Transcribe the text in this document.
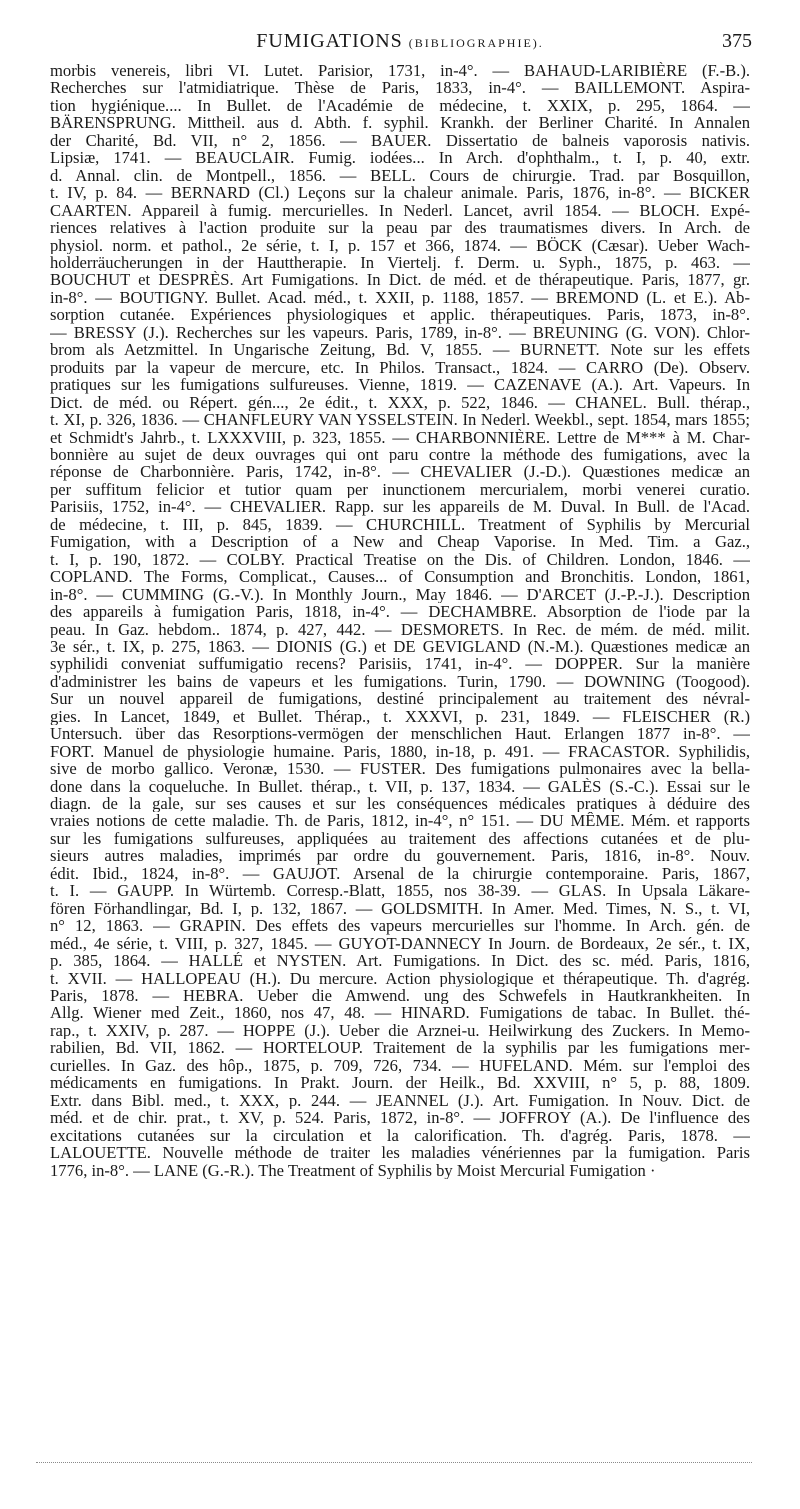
FUMIGATIONS (BIBLIOGRAPHIE).	375
morbis venereis, libri VI. Lutet. Parisior, 1731, in-4°. — BAHAUD-LARIBIÈRE (F.-B.).
Recherches sur l'atmidiatrique. Thèse de Paris, 1833, in-4°. — BAILLEMONT. Aspira-
tion hygiénique.... In Bullet. de l'Académie de médecine, t. XXIX, p. 295, 1864. —
BÄRENSPRUNG. Mittheil. aus d. Abth. f. syphil. Krankh. der Berliner Charité. In Annalen
der Charité, Bd. VII, n° 2, 1856. — BAUER. Dissertatio de balneis vaporosis nativis.
Lipsiæ, 1741. — BEAUCLAIR. Fumig. iodées... In Arch. d'ophthalm., t. I, p. 40, extr.
d. Annal. clin. de Montpell., 1856. — BELL. Cours de chirurgie. Trad. par Bosquillon,
t. IV, p. 84. — BERNARD (Cl.) Leçons sur la chaleur animale. Paris, 1876, in-8°. — BICKER
CAARTEN. Appareil à fumig. mercurielles. In Nederl. Lancet, avril 1854. — BLOCH. Expé-
riences relatives à l'action produite sur la peau par des traumatismes divers. In Arch. de
physiol. norm. et pathol., 2e série, t. I, p. 157 et 366, 1874. — BÖCK (Cæsar). Ueber Wach-
holderräucherungen in der Hauttherapie. In Viertelj. f. Derm. u. Syph., 1875, p. 463. —
BOUCHUT et DESPRÈS. Art Fumigations. In Dict. de méd. et de thérapeutique. Paris, 1877, gr.
in-8°. — BOUTIGNY. Bullet. Acad. méd., t. XXII, p. 1188, 1857. — BREMOND (L. et E.). Ab-
sorption cutanée. Expériences physiologiques et applic. thérapeutiques. Paris, 1873, in-8°.
— BRESSY (J.). Recherches sur les vapeurs. Paris, 1789, in-8°. — BREUNING (G. VON). Chlor-
brom als Aetzmittel. In Ungarische Zeitung, Bd. V, 1855. — BURNETT. Note sur les effets
produits par la vapeur de mercure, etc. In Philos. Transact., 1824. — CARRO (De). Observ.
pratiques sur les fumigations sulfureuses. Vienne, 1819. — CAZENAVE (A.). Art. Vapeurs. In
Dict. de méd. ou Répert. gén..., 2e édit., t. XXX, p. 522, 1846. — CHANEL. Bull. thérap.,
t. XI, p. 326, 1836. — CHANFLEURY VAN YSSELSTEIN. In Nederl. Weekbl., sept. 1854, mars 1855;
et Schmidt's Jahrb., t. LXXXVIII, p. 323, 1855. — CHARBONNIÈRE. Lettre de M*** à M. Char-
bonnière au sujet de deux ouvrages qui ont paru contre la méthode des fumigations, avec la
réponse de Charbonnière. Paris, 1742, in-8°. — CHEVALIER (J.-D.). Quæstiones medicæ an
per suffitum felicior et tutior quam per inunctionem mercurialem, morbi venerei curatio.
Parisiis, 1752, in-4°. — CHEVALIER. Rapp. sur les appareils de M. Duval. In Bull. de l'Acad.
de médecine, t. III, p. 845, 1839. — CHURCHILL. Treatment of Syphilis by Mercurial
Fumigation, with a Description of a New and Cheap Vaporise. In Med. Tim. a Gaz.,
t. I, p. 190, 1872. — COLBY. Practical Treatise on the Dis. of Children. London, 1846. —
COPLAND. The Forms, Complicat., Causes... of Consumption and Bronchitis. London, 1861,
in-8°. — CUMMING (G.-V.). In Monthly Journ., May 1846. — D'ARCET (J.-P.-J.). Description
des appareils à fumigation Paris, 1818, in-4°. — DECHAMBRE. Absorption de l'iode par la
peau. In Gaz. hebdom.. 1874, p. 427, 442. — DESMORETS. In Rec. de mém. de méd. milit.
3e sér., t. IX, p. 275, 1863. — DIONIS (G.) et DE GEVIGLAND (N.-M.). Quæstiones medicæ an
syphilidi conveniat suffumigatio recens? Parisiis, 1741, in-4°. — DOPPER. Sur la manière
d'administrer les bains de vapeurs et les fumigations. Turin, 1790. — DOWNING (Toogood).
Sur un nouvel appareil de fumigations, destiné principalement au traitement des névral-
gies. In Lancet, 1849, et Bullet. Thérap., t. XXXVI, p. 231, 1849. — FLEISCHER (R.)
Untersuch. über das Resorptions-vermögen der menschlichen Haut. Erlangen 1877 in-8°. —
FORT. Manuel de physiologie humaine. Paris, 1880, in-18, p. 491. — FRACASTOR. Syphilidis,
sive de morbo gallico. Veronæ, 1530. — FUSTER. Des fumigations pulmonaires avec la bella-
done dans la coqueluche. In Bullet. thérap., t. VII, p. 137, 1834. — GALÈS (S.-C.). Essai sur le
diagn. de la gale, sur ses causes et sur les conséquences médicales pratiques à déduire des
vraies notions de cette maladie. Th. de Paris, 1812, in-4°, n° 151. — DU MÊME. Mém. et rapports
sur les fumigations sulfureuses, appliquées au traitement des affections cutanées et de plu-
sieurs autres maladies, imprimés par ordre du gouvernement. Paris, 1816, in-8°. Nouv.
édit. Ibid., 1824, in-8°. — GAUJOT. Arsenal de la chirurgie contemporaine. Paris, 1867,
t. I. — GAUPP. In Würtemb. Corresp.-Blatt, 1855, nos 38-39. — GLAS. In Upsala Läkare-
fören Förhandlingar, Bd. I, p. 132, 1867. — GOLDSMITH. In Amer. Med. Times, N. S., t. VI,
n° 12, 1863. — GRAPIN. Des effets des vapeurs mercurielles sur l'homme. In Arch. gén. de
méd., 4e série, t. VIII, p. 327, 1845. — GUYOT-DANNECY In Journ. de Bordeaux, 2e sér., t. IX,
p. 385, 1864. — HALLÉ et NYSTEN. Art. Fumigations. In Dict. des sc. méd. Paris, 1816,
t. XVII. — HALLOPEAU (H.). Du mercure. Action physiologique et thérapeutique. Th. d'agrég.
Paris, 1878. — HEBRA. Ueber die Amwend. ung des Schwefels in Hautkrankheiten. In
Allg. Wiener med Zeit., 1860, nos 47, 48. — HINARD. Fumigations de tabac. In Bullet. thé-
rap., t. XXIV, p. 287. — HOPPE (J.). Ueber die Arznei-u. Heilwirkung des Zuckers. In Memo-
rabilien, Bd. VII, 1862. — HORTELOUP. Traitement de la syphilis par les fumigations mer-
curielles. In Gaz. des hôp., 1875, p. 709, 726, 734. — HUFELAND. Mém. sur l'emploi des
médicaments en fumigations. In Prakt. Journ. der Heilk., Bd. XXVIII, n° 5, p. 88, 1809.
Extr. dans Bibl. med., t. XXX, p. 244. — JEANNEL (J.). Art. Fumigation. In Nouv. Dict. de
méd. et de chir. prat., t. XV, p. 524. Paris, 1872, in-8°. — JOFFROY (A.). De l'influence des
excitations cutanées sur la circulation et la calorification. Th. d'agrég. Paris, 1878. —
LALOUETTE. Nouvelle méthode de traiter les maladies vénériennes par la fumigation. Paris
1776, in-8°. — LANE (G.-R.). The Treatment of Syphilis by Moist Mercurial Fumigation ·
